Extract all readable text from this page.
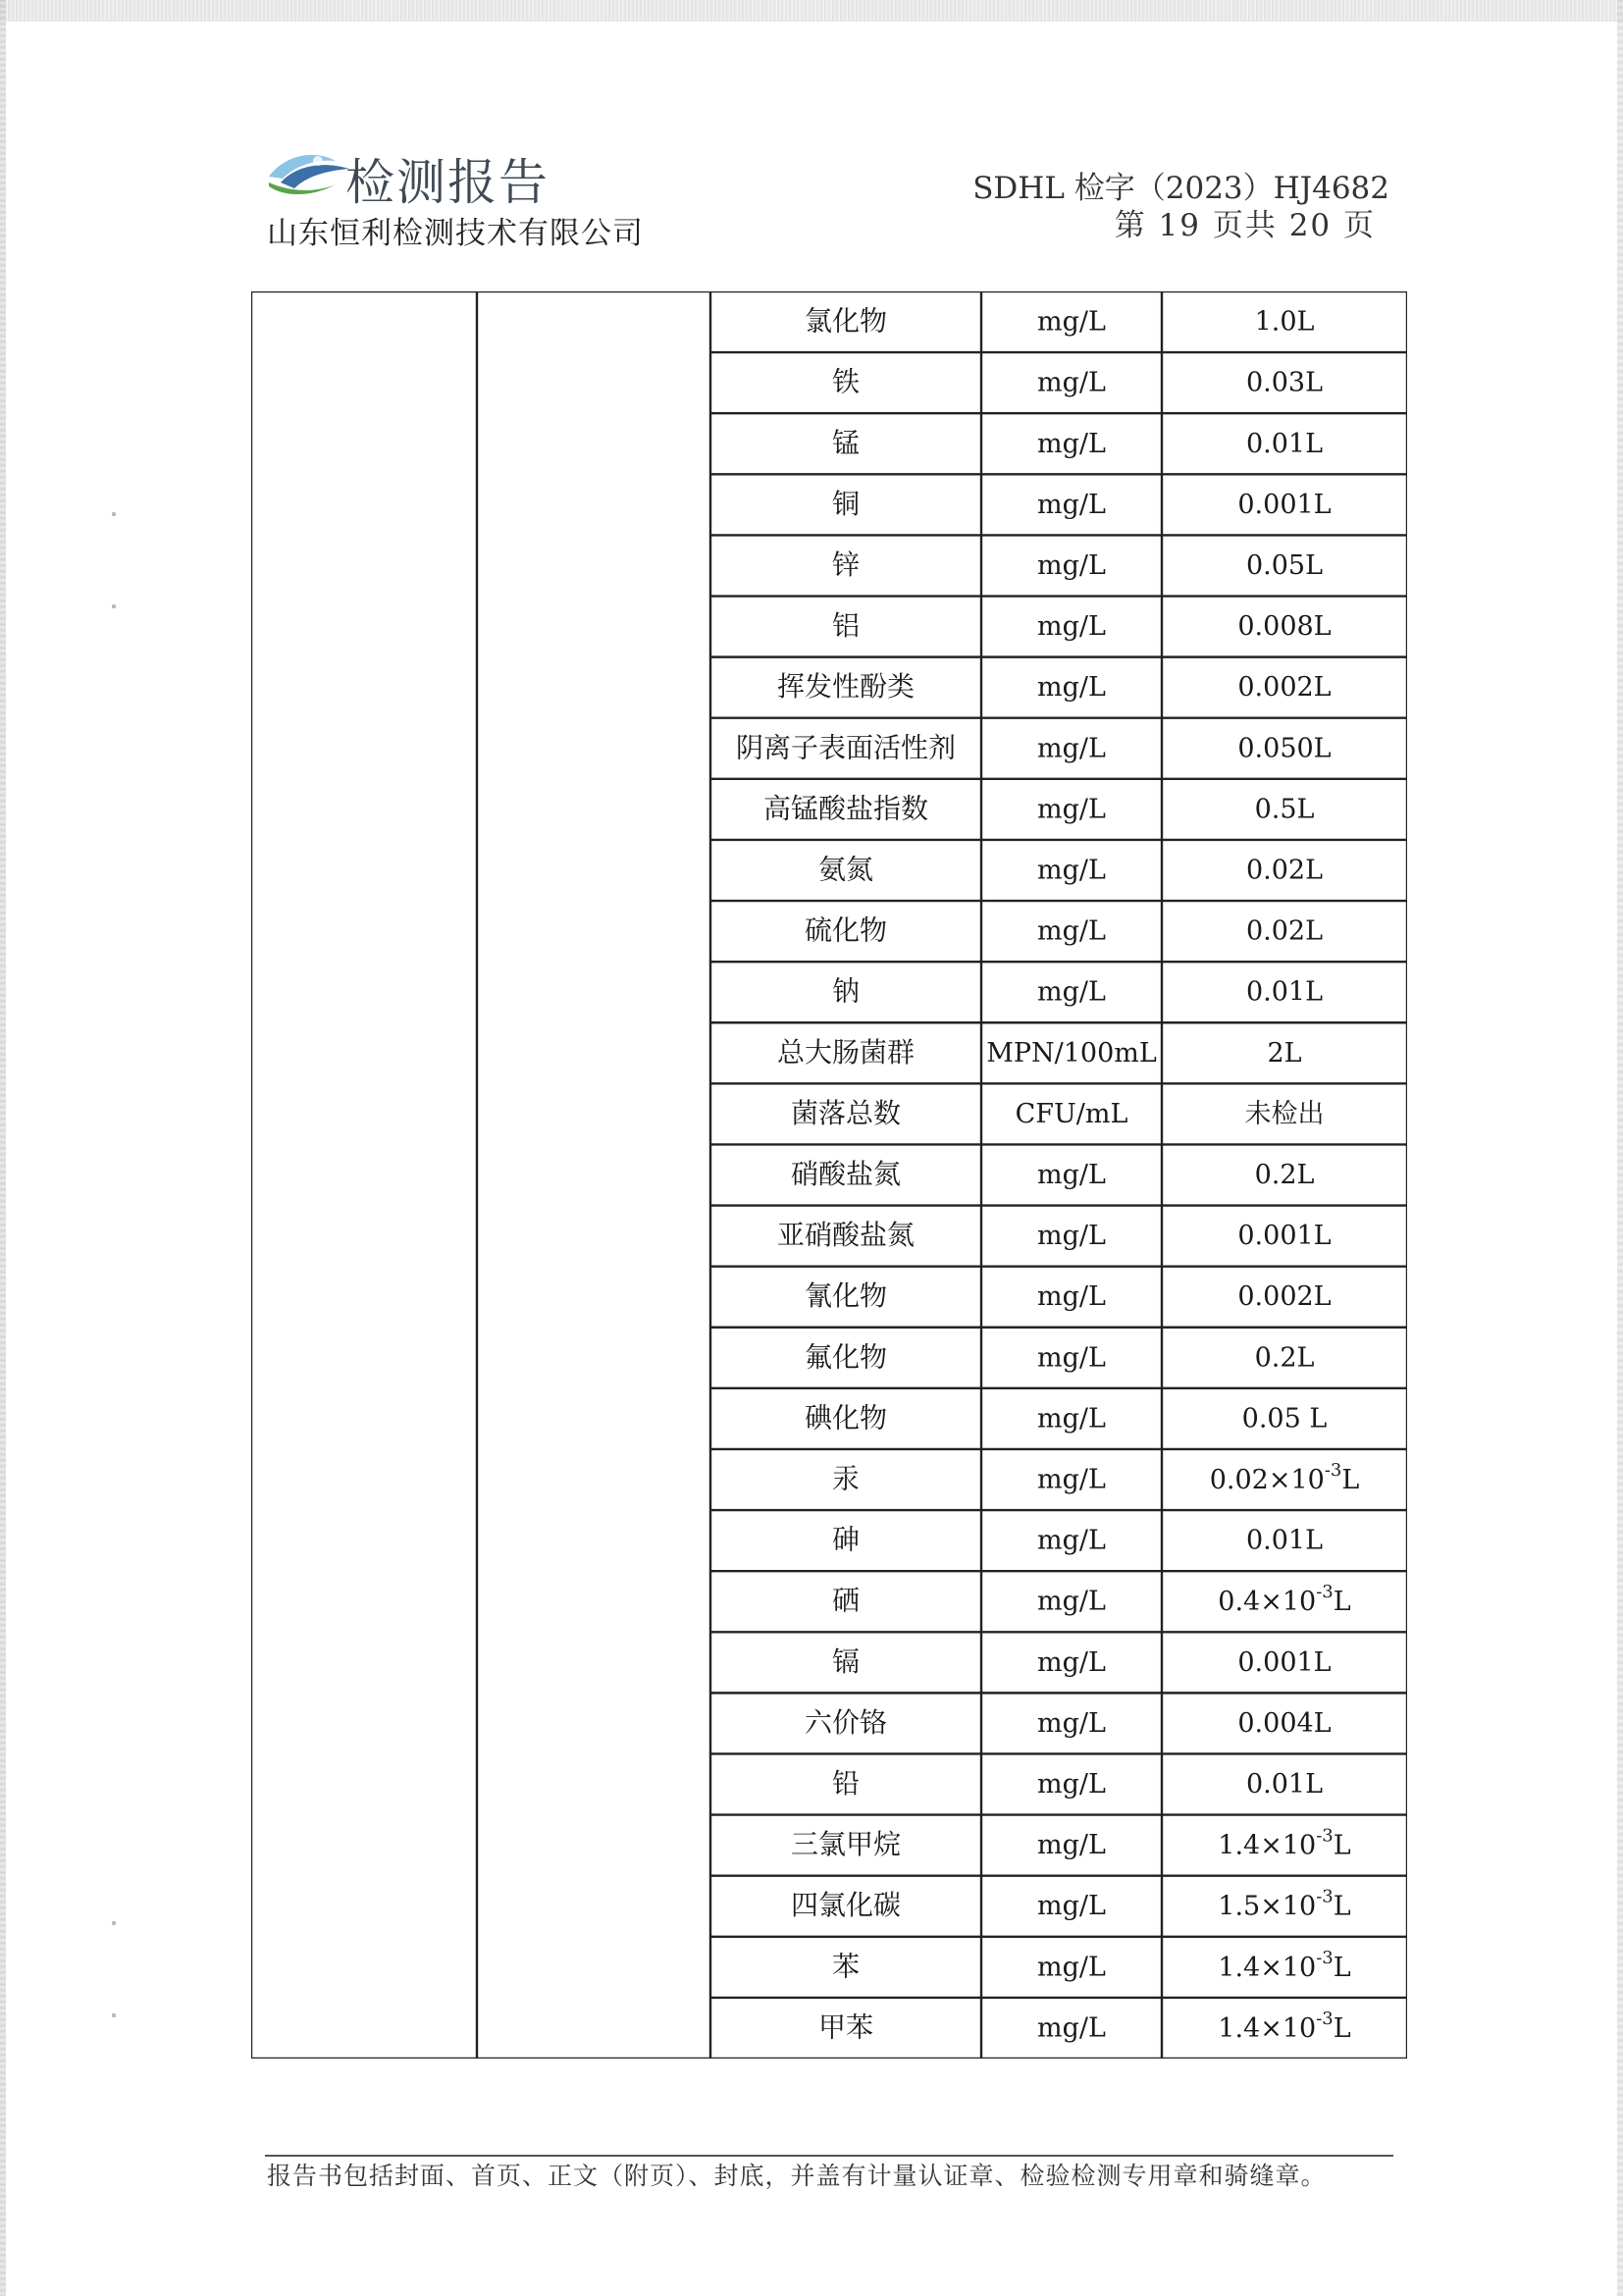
检测报告
山东恒利检测技术有限公司
SDHL 检字（2023）HJ4682
第 19 页共 20 页
氯化物	mg/L	1.0L
铁	mg/L	0.03L
锰	mg/L	0.01L
铜	mg/L	0.001L
锌	mg/L	0.05L
铝	mg/L	0.008L
挥发性酚类	mg/L	0.002L
阴离子表面活性剂	mg/L	0.050L
高锰酸盐指数	mg/L	0.5L
氨氮	mg/L	0.02L
硫化物	mg/L	0.02L
钠	mg/L	0.01L
总大肠菌群	MPN/100mL	2L
菌落总数	CFU/mL	未检出
硝酸盐氮	mg/L	0.2L
亚硝酸盐氮	mg/L	0.001L
氰化物	mg/L	0.002L
氟化物	mg/L	0.2L
碘化物	mg/L	0.05 L
汞	mg/L	$0.02\times 10^{-3}L$
砷	mg/L	0.01L
硒	mg/L	$0.4\times 10^{-3}L$
镉	mg/L	0.001L
六价铬	mg/L	0.004L
铅	mg/L	0.01L
三氯甲烷	mg/L	$1.4\times 10^{-3}L$
四氯化碳	mg/L	$1.5\times 10^{-3}L$
苯	mg/L	$1.4\times 10^{-3}L$
甲苯	mg/L	$1.4\times 10^{-3}L$
报告书包括封面、首页、正文（附页）、封底，并盖有计量认证章、检验检测专用章和骑缝章。
